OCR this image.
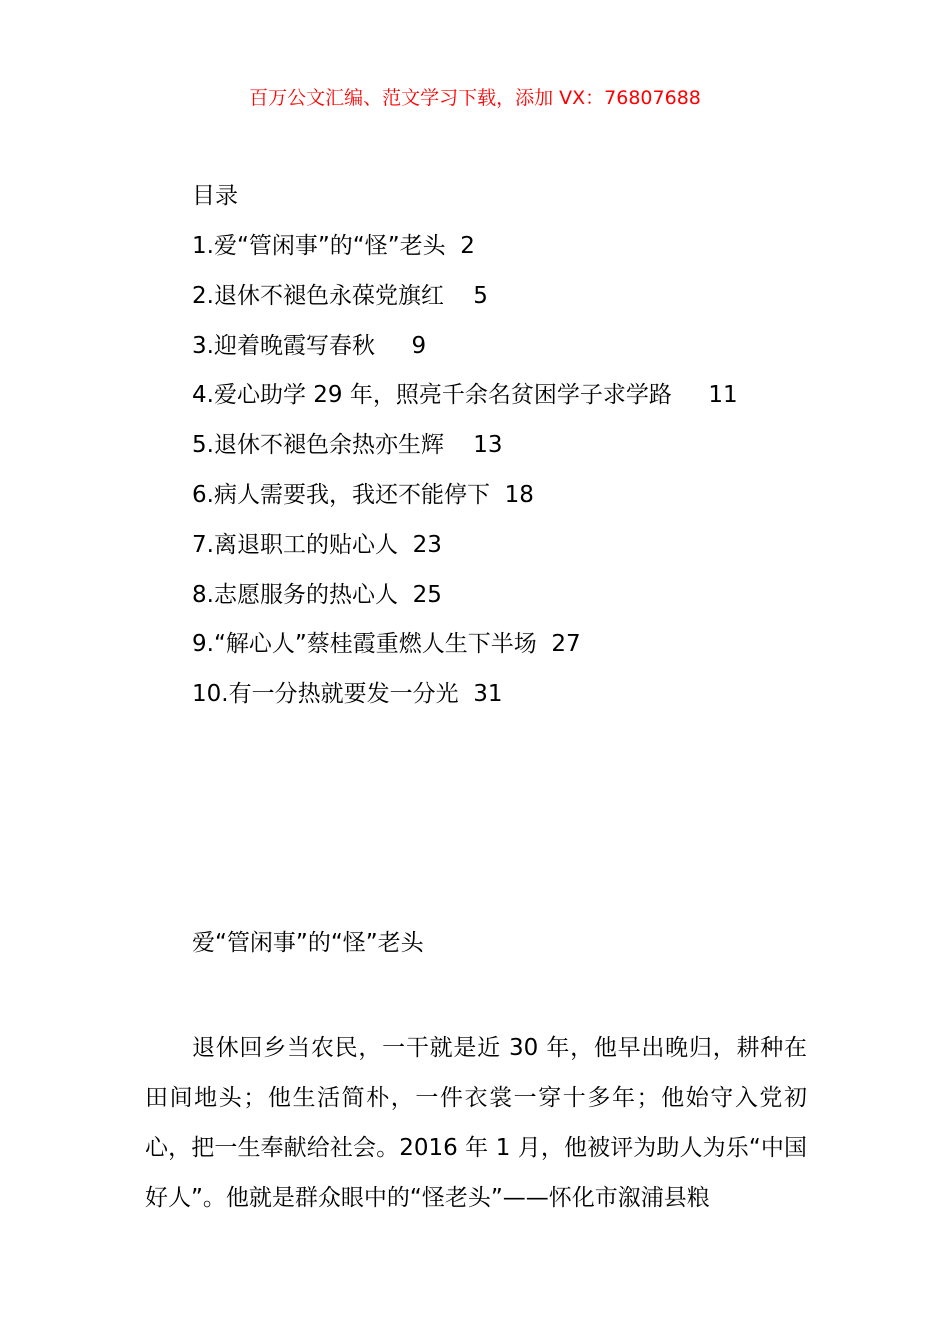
百万公文汇编、范文学习下载，添加 VX：76807688
目录
1.爱“管闲事”的“怪”老头  2
2.退休不褪色永葆党旗红    5
3.迎着晚霞写春秋     9
4.爱心助学 29 年，照亮千余名贫困学子求学路     11
5.退休不褪色余热亦生辉    13
6.病人需要我，我还不能停下  18
7.离退职工的贴心人  23
8.志愿服务的热心人  25
9.“解心人”蔡桂霞重燃人生下半场  27
10.有一分热就要发一分光  31
爱“管闲事”的“怪”老头

退休回乡当农民，一干就是近 30 年，他早出晚归，耕种在田间地头；他生活简朴，一件衣裳一穿十多年；他始守入党初心，把一生奉献给社会。2016 年 1 月，他被评为助人为乐“中国好人”。他就是群众眼中的“怪老头”——怀化市溆浦县粮
